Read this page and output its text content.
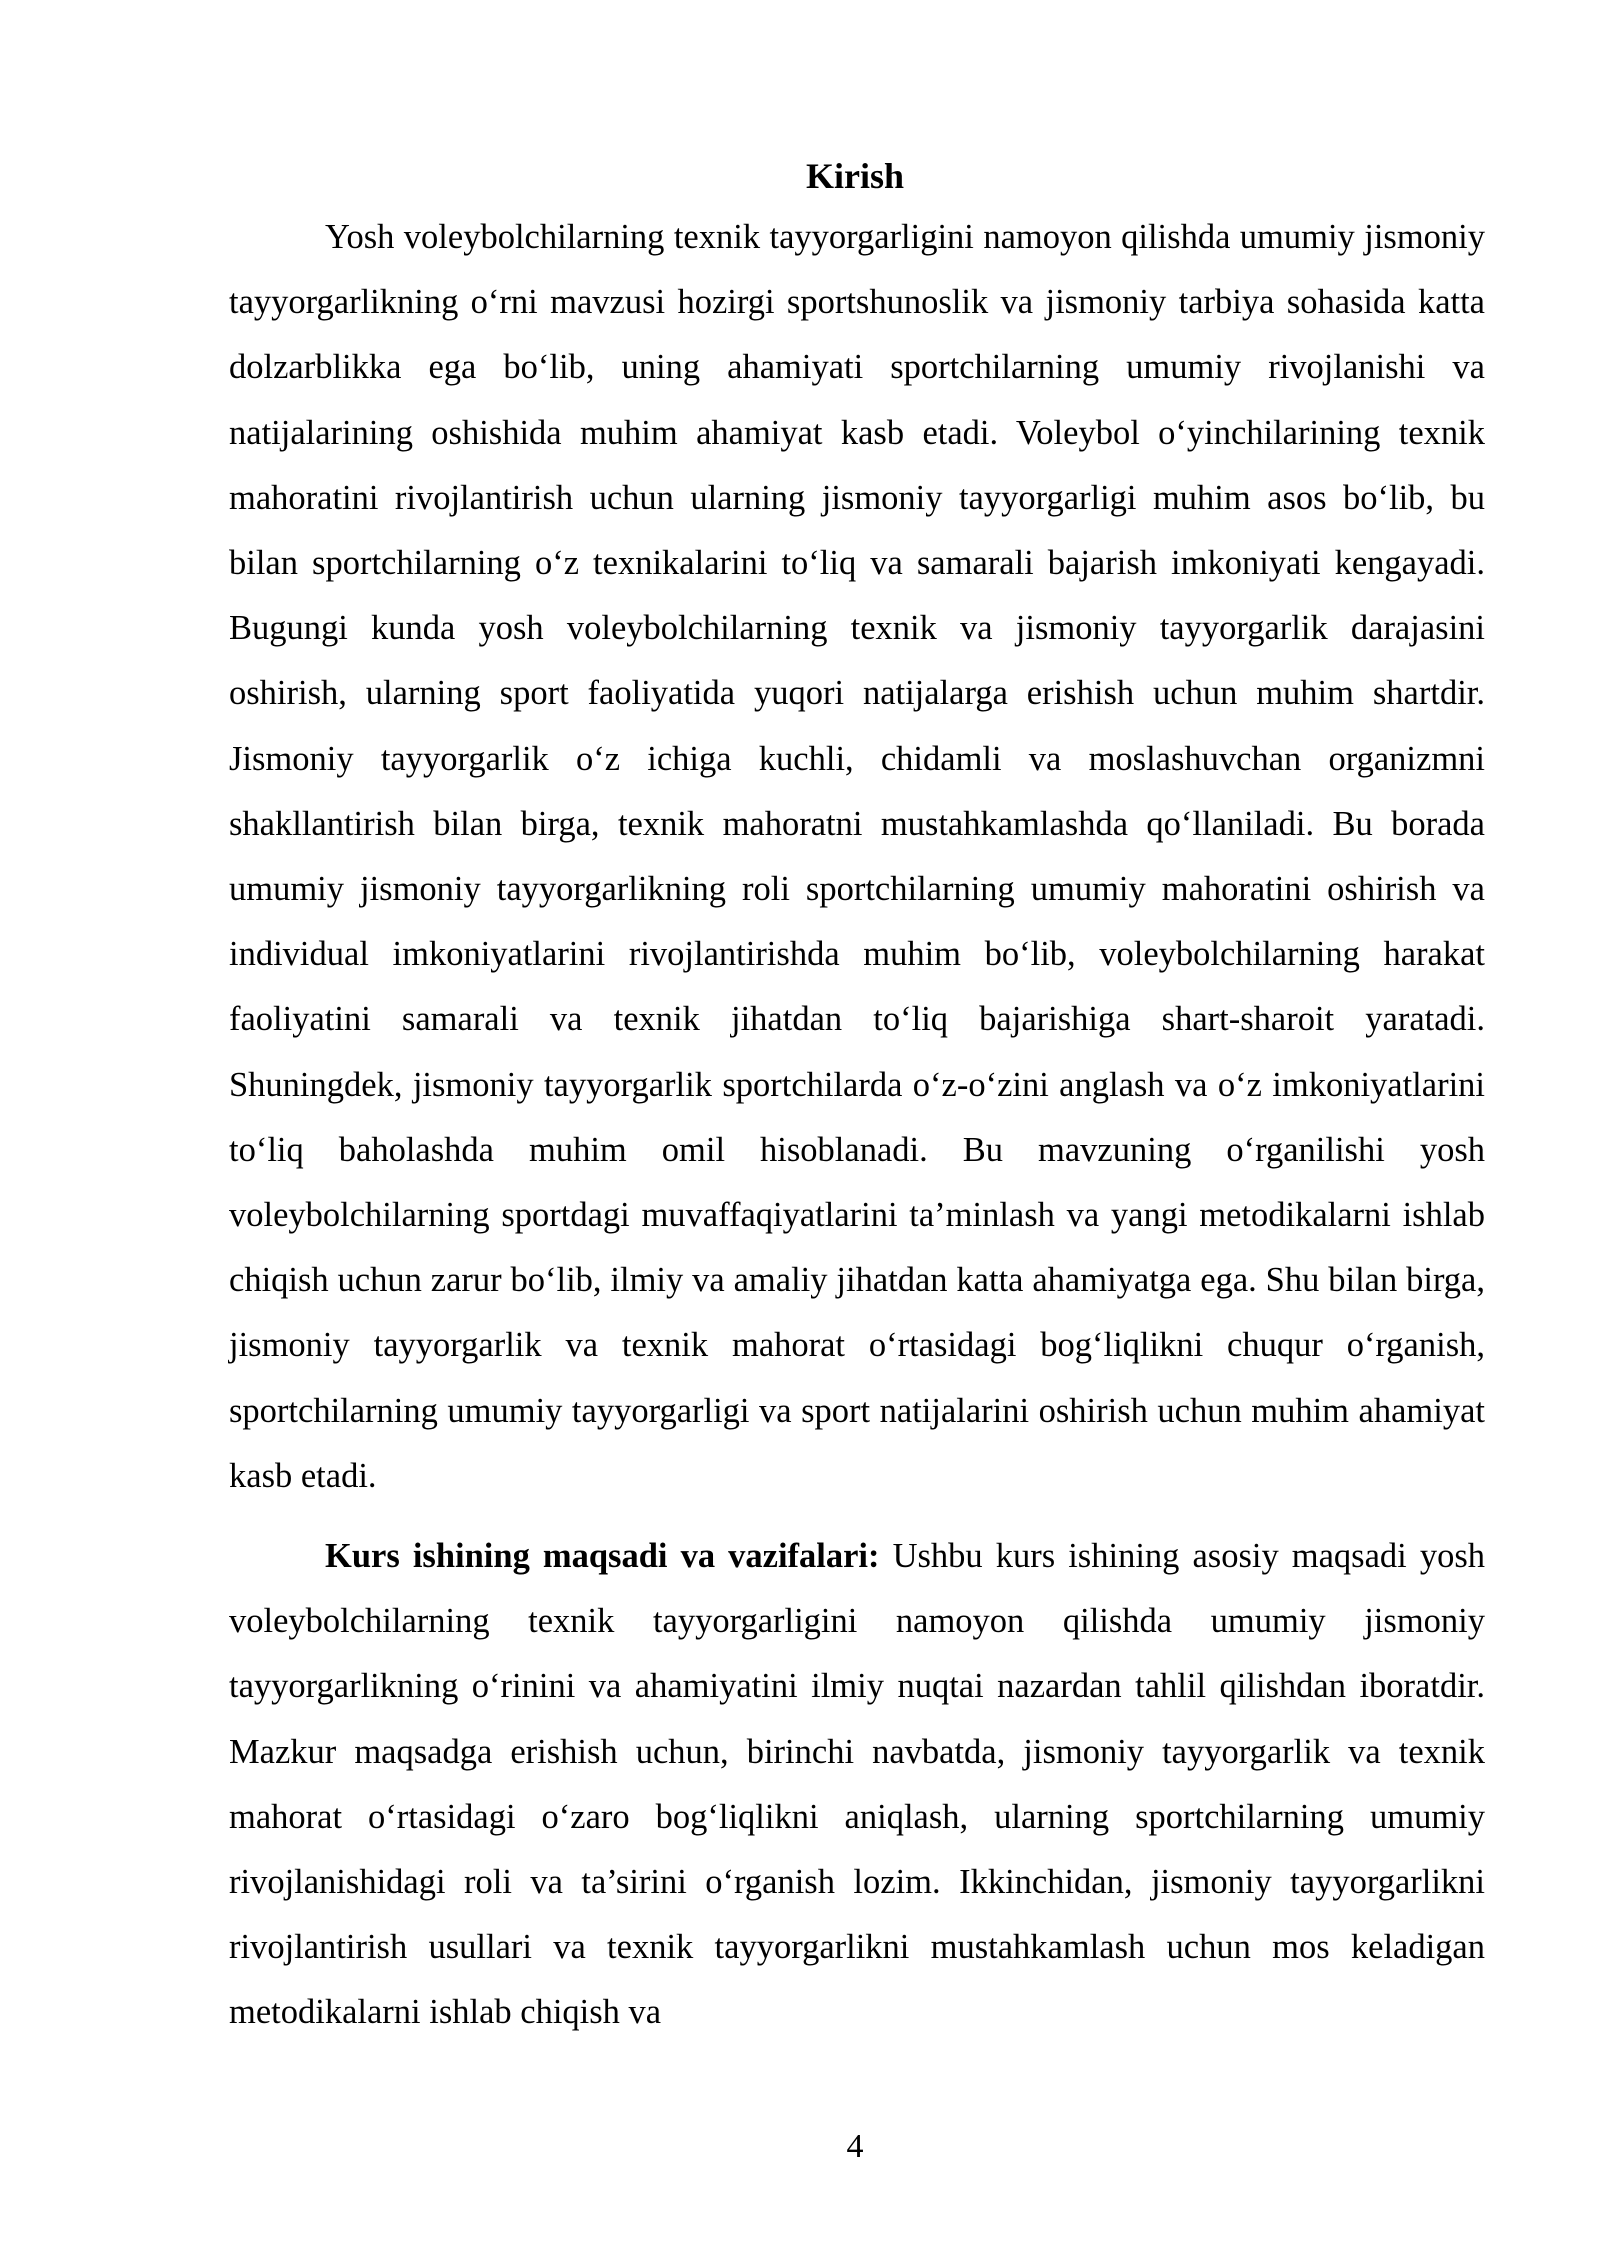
Kirish

Yosh voleybolchilarning texnik tayyorgarligini namoyon qilishda umumiy jismoniy tayyorgarlikning o‘rni mavzusi hozirgi sportshunoslik va jismoniy tarbiya sohasida katta dolzarblikka ega bo‘lib, uning ahamiyati sportchilarning umumiy rivojlanishi va natijalarining oshishida muhim ahamiyat kasb etadi. Voleybol o‘yinchilarining texnik mahoratini rivojlantirish uchun ularning jismoniy tayyorgarligi muhim asos bo‘lib, bu bilan sportchilarning o‘z texnikalarini to‘liq va samarali bajarish imkoniyati kengayadi. Bugungi kunda yosh voleybolchilarning texnik va jismoniy tayyorgarlik darajasini oshirish, ularning sport faoliyatida yuqori natijalarga erishish uchun muhim shartdir. Jismoniy tayyorgarlik o‘z ichiga kuchli, chidamli va moslashuvchan organizmni shakllantirish bilan birga, texnik mahoratni mustahkamlashda qo‘llaniladi. Bu borada umumiy jismoniy tayyorgarlikning roli sportchilarning umumiy mahoratini oshirish va individual imkoniyatlarini rivojlantirishda muhim bo‘lib, voleybolchilarning harakat faoliyatini samarali va texnik jihatdan to‘liq bajarishiga shart-sharoit yaratadi. Shuningdek, jismoniy tayyorgarlik sportchilarda o‘z-o‘zini anglash va o‘z imkoniyatlarini to‘liq baholashda muhim omil hisoblanadi. Bu mavzuning o‘rganilishi yosh voleybolchilarning sportdagi muvaffaqiyatlarini ta’minlash va yangi metodikalarni ishlab chiqish uchun zarur bo‘lib, ilmiy va amaliy jihatdan katta ahamiyatga ega. Shu bilan birga, jismoniy tayyorgarlik va texnik mahorat o‘rtasidagi bog‘liqlikni chuqur o‘rganish, sportchilarning umumiy tayyorgarligi va sport natijalarini oshirish uchun muhim ahamiyat kasb etadi.

Kurs ishining maqsadi va vazifalari: Ushbu kurs ishining asosiy maqsadi yosh voleybolchilarning texnik tayyorgarligini namoyon qilishda umumiy jismoniy tayyorgarlikning o‘rinini va ahamiyatini ilmiy nuqtai nazardan tahlil qilishdan iboratdir. Mazkur maqsadga erishish uchun, birinchi navbatda, jismoniy tayyorgarlik va texnik mahorat o‘rtasidagi o‘zaro bog‘liqlikni aniqlash, ularning sportchilarning umumiy rivojlanishidagi roli va ta’sirini o‘rganish lozim. Ikkinchidan, jismoniy tayyorgarlikni rivojlantirish usullari va texnik tayyorgarlikni mustahkamlash uchun mos keladigan metodikalarni ishlab chiqish va

4
